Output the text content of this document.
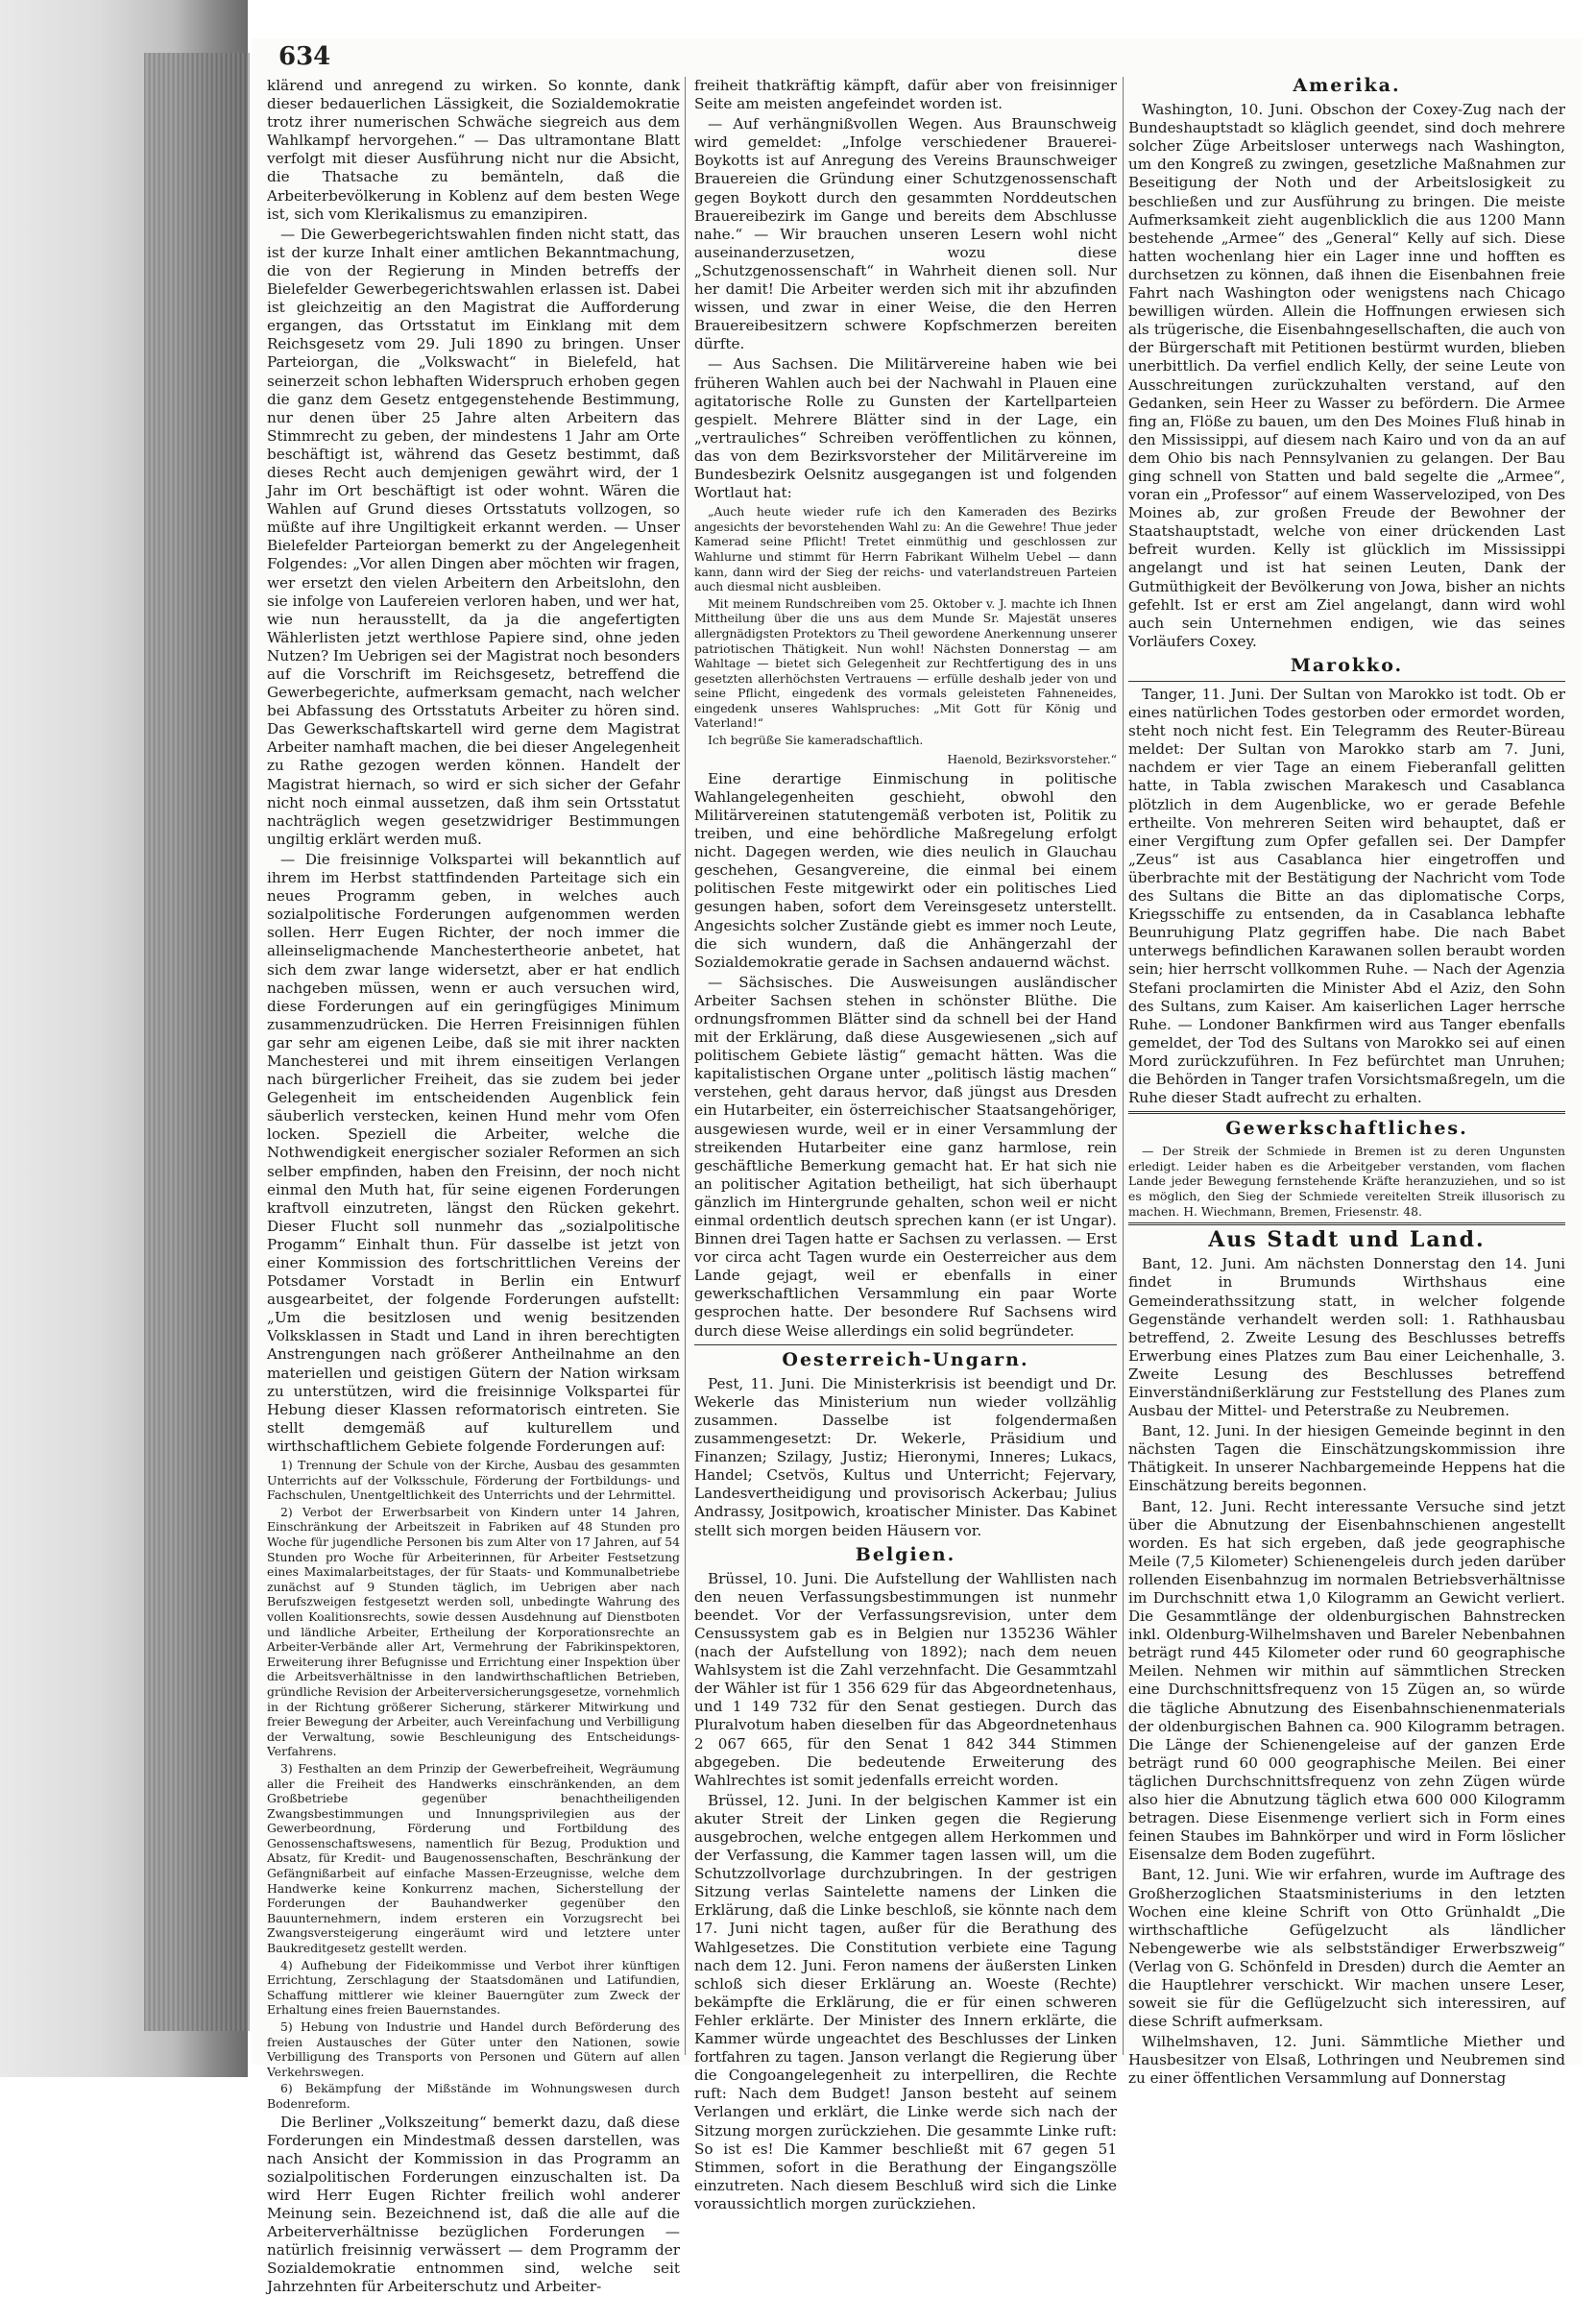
634

klärend und anregend zu wirken. So konnte, dank dieser bedauerlichen Lässigkeit, die Sozialdemokratie trotz ihrer numerischen Schwäche siegreich aus dem Wahlkampf hervorgehen.“ — Das ultramontane Blatt verfolgt mit dieser Ausführung nicht nur die Absicht, die Thatsache zu bemänteln, daß die Arbeiterbevölkerung in Koblenz auf dem besten Wege ist, sich vom Klerikalismus zu emanzipiren.

— Die Gewerbegerichtswahlen finden nicht statt, das ist der kurze Inhalt einer amtlichen Bekanntmachung, die von der Regierung in Minden betreffs der Bielefelder Gewerbegerichtswahlen erlassen ist. Dabei ist gleichzeitig an den Magistrat die Aufforderung ergangen, das Ortsstatut im Einklang mit dem Reichsgesetz vom 29. Juli 1890 zu bringen. Unser Parteiorgan, die „Volkswacht“ in Bielefeld, hat seinerzeit schon lebhaften Widerspruch erhoben gegen die ganz dem Gesetz entgegenstehende Bestimmung, nur denen über 25 Jahre alten Arbeitern das Stimmrecht zu geben, der mindestens 1 Jahr am Orte beschäftigt ist, während das Gesetz bestimmt, daß dieses Recht auch demjenigen gewährt wird, der 1 Jahr im Ort beschäftigt ist oder wohnt. Wären die Wahlen auf Grund dieses Ortsstatuts vollzogen, so müßte auf ihre Ungiltigkeit erkannt werden. — Unser Bielefelder Parteiorgan bemerkt zu der Angelegenheit Folgendes: „Vor allen Dingen aber möchten wir fragen, wer ersetzt den vielen Arbeitern den Arbeitslohn, den sie infolge von Laufereien verloren haben, und wer hat, wie nun herausstellt, da ja die angefertigten Wählerlisten jetzt werthlose Papiere sind, ohne jeden Nutzen? Im Uebrigen sei der Magistrat noch besonders auf die Vorschrift im Reichsgesetz, betreffend die Gewerbegerichte, aufmerksam gemacht, nach welcher bei Abfassung des Ortsstatuts Arbeiter zu hören sind. Das Gewerkschaftskartell wird gerne dem Magistrat Arbeiter namhaft machen, die bei dieser Angelegenheit zu Rathe gezogen werden können. Handelt der Magistrat hiernach, so wird er sich sicher der Gefahr nicht noch einmal aussetzen, daß ihm sein Ortsstatut nachträglich wegen gesetzwidriger Bestimmungen ungiltig erklärt werden muß.

— Die freisinnige Volkspartei will bekanntlich auf ihrem im Herbst stattfindenden Parteitage sich ein neues Programm geben, in welches auch sozialpolitische Forderungen aufgenommen werden sollen. Herr Eugen Richter, der noch immer die alleinseligmachende Manchestertheorie anbetet, hat sich dem zwar lange widersetzt, aber er hat endlich nachgeben müssen, wenn er auch versuchen wird, diese Forderungen auf ein geringfügiges Minimum zusammenzudrücken. Die Herren Freisinnigen fühlen gar sehr am eigenen Leibe, daß sie mit ihrer nackten Manchesterei und mit ihrem einseitigen Verlangen nach bürgerlicher Freiheit, das sie zudem bei jeder Gelegenheit im entscheidenden Augenblick fein säuberlich verstecken, keinen Hund mehr vom Ofen locken. Speziell die Arbeiter, welche die Nothwendigkeit energischer sozialer Reformen an sich selber empfinden, haben den Freisinn, der noch nicht einmal den Muth hat, für seine eigenen Forderungen kraftvoll einzutreten, längst den Rücken gekehrt. Dieser Flucht soll nunmehr das „sozialpolitische Progamm“ Einhalt thun. Für dasselbe ist jetzt von einer Kommission des fortschrittlichen Vereins der Potsdamer Vorstadt in Berlin ein Entwurf ausgearbeitet, der folgende Forderungen aufstellt: „Um die besitzlosen und wenig besitzenden Volksklassen in Stadt und Land in ihren berechtigten Anstrengungen nach größerer Antheilnahme an den materiellen und geistigen Gütern der Nation wirksam zu unterstützen, wird die freisinnige Volkspartei für Hebung dieser Klassen reformatorisch eintreten. Sie stellt demgemäß auf kulturellem und wirthschaftlichem Gebiete folgende Forderungen auf:

1) Trennung der Schule von der Kirche, Ausbau des gesammten Unterrichts auf der Volksschule, Förderung der Fortbildungs- und Fachschulen, Unentgeltlichkeit des Unterrichts und der Lehrmittel.

2) Verbot der Erwerbsarbeit von Kindern unter 14 Jahren, Einschränkung der Arbeitszeit in Fabriken auf 48 Stunden pro Woche für jugendliche Personen bis zum Alter von 17 Jahren, auf 54 Stunden pro Woche für Arbeiterinnen, für Arbeiter Festsetzung eines Maximalarbeitstages, der für Staats- und Kommunalbetriebe zunächst auf 9 Stunden täglich, im Uebrigen aber nach Berufszweigen festgesetzt werden soll, unbedingte Wahrung des vollen Koalitionsrechts, sowie dessen Ausdehnung auf Dienstboten und ländliche Arbeiter, Ertheilung der Korporationsrechte an Arbeiter-Verbände aller Art, Vermehrung der Fabrikinspektoren, Erweiterung ihrer Befugnisse und Errichtung einer Inspektion über die Arbeitsverhältnisse in den landwirthschaftlichen Betrieben, gründliche Revision der Arbeiterversicherungsgesetze, vornehmlich in der Richtung größerer Sicherung, stärkerer Mitwirkung und freier Bewegung der Arbeiter, auch Vereinfachung und Verbilligung der Verwaltung, sowie Beschleunigung des Entscheidungs-Verfahrens.

3) Festhalten an dem Prinzip der Gewerbefreiheit, Wegräumung aller die Freiheit des Handwerks einschränkenden, an dem Großbetriebe gegenüber benachtheiligenden Zwangsbestimmungen und Innungsprivilegien aus der Gewerbeordnung, Förderung und Fortbildung des Genossenschaftswesens, namentlich für Bezug, Produktion und Absatz, für Kredit- und Baugenossenschaften, Beschränkung der Gefängnißarbeit auf einfache Massen-Erzeugnisse, welche dem Handwerke keine Konkurrenz machen, Sicherstellung der Forderungen der Bauhandwerker gegenüber den Bauunternehmern, indem ersteren ein Vorzugsrecht bei Zwangsversteigerung eingeräumt wird und letztere unter Baukreditgesetz gestellt werden.

4) Aufhebung der Fideikommisse und Verbot ihrer künftigen Errichtung, Zerschlagung der Staatsdomänen und Latifundien, Schaffung mittlerer wie kleiner Bauerngüter zum Zweck der Erhaltung eines freien Bauernstandes.

5) Hebung von Industrie und Handel durch Beförderung des freien Austausches der Güter unter den Nationen, sowie Verbilligung des Transports von Personen und Gütern auf allen Verkehrswegen.

6) Bekämpfung der Mißstände im Wohnungswesen durch Bodenreform.

Die Berliner „Volkszeitung“ bemerkt dazu, daß diese Forderungen ein Mindestmaß dessen darstellen, was nach Ansicht der Kommission in das Programm an sozialpolitischen Forderungen einzuschalten ist. Da wird Herr Eugen Richter freilich wohl anderer Meinung sein. Bezeichnend ist, daß die alle auf die Arbeiterverhältnisse bezüglichen Forderungen — natürlich freisinnig verwässert — dem Programm der Sozialdemokratie entnommen sind, welche seit Jahrzehnten für Arbeiterschutz und Arbeiter-

freiheit thatkräftig kämpft, dafür aber von freisinniger Seite am meisten angefeindet worden ist.

— Auf verhängnißvollen Wegen. Aus Braunschweig wird gemeldet: „Infolge verschiedener Brauerei-Boykotts ist auf Anregung des Vereins Braunschweiger Brauereien die Gründung einer Schutzgenossenschaft gegen Boykott durch den gesammten Norddeutschen Brauereibezirk im Gange und bereits dem Abschlusse nahe.“ — Wir brauchen unseren Lesern wohl nicht auseinanderzusetzen, wozu diese „Schutzgenossenschaft“ in Wahrheit dienen soll. Nur her damit! Die Arbeiter werden sich mit ihr abzufinden wissen, und zwar in einer Weise, die den Herren Brauereibesitzern schwere Kopfschmerzen bereiten dürfte.

— Aus Sachsen. Die Militärvereine haben wie bei früheren Wahlen auch bei der Nachwahl in Plauen eine agitatorische Rolle zu Gunsten der Kartellparteien gespielt. Mehrere Blätter sind in der Lage, ein „vertrauliches“ Schreiben veröffentlichen zu können, das von dem Bezirksvorsteher der Militärvereine im Bundesbezirk Oelsnitz ausgegangen ist und folgenden Wortlaut hat:

„Auch heute wieder rufe ich den Kameraden des Bezirks angesichts der bevorstehenden Wahl zu: An die Gewehre! Thue jeder Kamerad seine Pflicht! Tretet einmüthig und geschlossen zur Wahlurne und stimmt für Herrn Fabrikant Wilhelm Uebel — dann kann, dann wird der Sieg der reichs- und vaterlandstreuen Parteien auch diesmal nicht ausbleiben.

Mit meinem Rundschreiben vom 25. Oktober v. J. machte ich Ihnen Mittheilung über die uns aus dem Munde Sr. Majestät unseres allergnädigsten Protektors zu Theil gewordene Anerkennung unserer patriotischen Thätigkeit. Nun wohl! Nächsten Donnerstag — am Wahltage — bietet sich Gelegenheit zur Rechtfertigung des in uns gesetzten allerhöchsten Vertrauens — erfülle deshalb jeder von und seine Pflicht, eingedenk des vormals geleisteten Fahneneides, eingedenk unseres Wahlspruches: „Mit Gott für König und Vaterland!“

Ich begrüße Sie kameradschaftlich.

Haenold, Bezirksvorsteher.“

Eine derartige Einmischung in politische Wahlangelegenheiten geschieht, obwohl den Militärvereinen statutengemäß verboten ist, Politik zu treiben, und eine behördliche Maßregelung erfolgt nicht. Dagegen werden, wie dies neulich in Glauchau geschehen, Gesangvereine, die einmal bei einem politischen Feste mitgewirkt oder ein politisches Lied gesungen haben, sofort dem Vereinsgesetz unterstellt. Angesichts solcher Zustände giebt es immer noch Leute, die sich wundern, daß die Anhängerzahl der Sozialdemokratie gerade in Sachsen andauernd wächst.

— Sächsisches. Die Ausweisungen ausländischer Arbeiter Sachsen stehen in schönster Blüthe. Die ordnungsfrommen Blätter sind da schnell bei der Hand mit der Erklärung, daß diese Ausgewiesenen „sich auf politischem Gebiete lästig“ gemacht hätten. Was die kapitalistischen Organe unter „politisch lästig machen“ verstehen, geht daraus hervor, daß jüngst aus Dresden ein Hutarbeiter, ein österreichischer Staatsangehöriger, ausgewiesen wurde, weil er in einer Versammlung der streikenden Hutarbeiter eine ganz harmlose, rein geschäftliche Bemerkung gemacht hat. Er hat sich nie an politischer Agitation betheiligt, hat sich überhaupt gänzlich im Hintergrunde gehalten, schon weil er nicht einmal ordentlich deutsch sprechen kann (er ist Ungar). Binnen drei Tagen hatte er Sachsen zu verlassen. — Erst vor circa acht Tagen wurde ein Oesterreicher aus dem Lande gejagt, weil er ebenfalls in einer gewerkschaftlichen Versammlung ein paar Worte gesprochen hatte. Der besondere Ruf Sachsens wird durch diese Weise allerdings ein solid begründeter.

Oesterreich-Ungarn.

Pest, 11. Juni. Die Ministerkrisis ist beendigt und Dr. Wekerle das Ministerium nun wieder vollzählig zusammen. Dasselbe ist folgendermaßen zusammengesetzt: Dr. Wekerle, Präsidium und Finanzen; Szilagy, Justiz; Hieronymi, Inneres; Lukacs, Handel; Csetvös, Kultus und Unterricht; Fejervary, Landesvertheidigung und provisorisch Ackerbau; Julius Andrassy, Jositpowich, kroatischer Minister. Das Kabinet stellt sich morgen beiden Häusern vor.

Belgien.

Brüssel, 10. Juni. Die Aufstellung der Wahllisten nach den neuen Verfassungsbestimmungen ist nunmehr beendet. Vor der Verfassungsrevision, unter dem Censussystem gab es in Belgien nur 135236 Wähler (nach der Aufstellung von 1892); nach dem neuen Wahlsystem ist die Zahl verzehnfacht. Die Gesammtzahl der Wähler ist für 1 356 629 für das Abgeordnetenhaus, und 1 149 732 für den Senat gestiegen. Durch das Pluralvotum haben dieselben für das Abgeordnetenhaus 2 067 665, für den Senat 1 842 344 Stimmen abgegeben. Die bedeutende Erweiterung des Wahlrechtes ist somit jedenfalls erreicht worden.

Brüssel, 12. Juni. In der belgischen Kammer ist ein akuter Streit der Linken gegen die Regierung ausgebrochen, welche entgegen allem Herkommen und der Verfassung, die Kammer tagen lassen will, um die Schutzzollvorlage durchzubringen. In der gestrigen Sitzung verlas Saintelette namens der Linken die Erklärung, daß die Linke beschloß, sie könnte nach dem 17. Juni nicht tagen, außer für die Berathung des Wahlgesetzes. Die Constitution verbiete eine Tagung nach dem 12. Juni. Feron namens der äußersten Linken schloß sich dieser Erklärung an. Woeste (Rechte) bekämpfte die Erklärung, die er für einen schweren Fehler erklärte. Der Minister des Innern erklärte, die Kammer würde ungeachtet des Beschlusses der Linken fortfahren zu tagen. Janson verlangt die Regierung über die Congoangelegenheit zu interpelliren, die Rechte ruft: Nach dem Budget! Janson besteht auf seinem Verlangen und erklärt, die Linke werde sich nach der Sitzung morgen zurückziehen. Die gesammte Linke ruft: So ist es! Die Kammer beschließt mit 67 gegen 51 Stimmen, sofort in die Berathung der Eingangszölle einzutreten. Nach diesem Beschluß wird sich die Linke voraussichtlich morgen zurückziehen.

Amerika.

Washington, 10. Juni. Obschon der Coxey-Zug nach der Bundeshauptstadt so kläglich geendet, sind doch mehrere solcher Züge Arbeitsloser unterwegs nach Washington, um den Kongreß zu zwingen, gesetzliche Maßnahmen zur Beseitigung der Noth und der Arbeitslosigkeit zu beschließen und zur Ausführung zu bringen. Die meiste Aufmerksamkeit zieht augenblicklich die aus 1200 Mann bestehende „Armee“ des „General“ Kelly auf sich. Diese hatten wochenlang hier ein Lager inne und hofften es durchsetzen zu können, daß ihnen die Eisenbahnen freie Fahrt nach Washington oder wenigstens nach Chicago bewilligen würden. Allein die Hoffnungen erwiesen sich als trügerische, die Eisenbahngesellschaften, die auch von der Bürgerschaft mit Petitionen bestürmt wurden, blieben unerbittlich. Da verfiel endlich Kelly, der seine Leute von Ausschreitungen zurückzuhalten verstand, auf den Gedanken, sein Heer zu Wasser zu befördern. Die Armee fing an, Flöße zu bauen, um den Des Moines Fluß hinab in den Mississippi, auf diesem nach Kairo und von da an auf dem Ohio bis nach Pennsylvanien zu gelangen. Der Bau ging schnell von Statten und bald segelte die „Armee“, voran ein „Professor“ auf einem Wasserveloziped, von Des Moines ab, zur großen Freude der Bewohner der Staatshauptstadt, welche von einer drückenden Last befreit wurden. Kelly ist glücklich im Mississippi angelangt und ist hat seinen Leuten, Dank der Gutmüthigkeit der Bevölkerung von Jowa, bisher an nichts gefehlt. Ist er erst am Ziel angelangt, dann wird wohl auch sein Unternehmen endigen, wie das seines Vorläufers Coxey.

Marokko.

Tanger, 11. Juni. Der Sultan von Marokko ist todt. Ob er eines natürlichen Todes gestorben oder ermordet worden, steht noch nicht fest. Ein Telegramm des Reuter-Büreau meldet: Der Sultan von Marokko starb am 7. Juni, nachdem er vier Tage an einem Fieberanfall gelitten hatte, in Tabla zwischen Marakesch und Casablanca plötzlich in dem Augenblicke, wo er gerade Befehle ertheilte. Von mehreren Seiten wird behauptet, daß er einer Vergiftung zum Opfer gefallen sei. Der Dampfer „Zeus“ ist aus Casablanca hier eingetroffen und überbrachte mit der Bestätigung der Nachricht vom Tode des Sultans die Bitte an das diplomatische Corps, Kriegsschiffe zu entsenden, da in Casablanca lebhafte Beunruhigung Platz gegriffen habe. Die nach Babet unterwegs befindlichen Karawanen sollen beraubt worden sein; hier herrscht vollkommen Ruhe. — Nach der Agenzia Stefani proclamirten die Minister Abd el Aziz, den Sohn des Sultans, zum Kaiser. Am kaiserlichen Lager herrsche Ruhe. — Londoner Bankfirmen wird aus Tanger ebenfalls gemeldet, der Tod des Sultans von Marokko sei auf einen Mord zurückzuführen. In Fez befürchtet man Unruhen; die Behörden in Tanger trafen Vorsichtsmaßregeln, um die Ruhe dieser Stadt aufrecht zu erhalten.

Gewerkschaftliches.

— Der Streik der Schmiede in Bremen ist zu deren Ungunsten erledigt. Leider haben es die Arbeitgeber verstanden, vom flachen Lande jeder Bewegung fernstehende Kräfte heranzuziehen, und so ist es möglich, den Sieg der Schmiede vereitelten Streik illusorisch zu machen. H. Wiechmann, Bremen, Friesenstr. 48.

Aus Stadt und Land.

Bant, 12. Juni. Am nächsten Donnerstag den 14. Juni findet in Brumunds Wirthshaus eine Gemeinderathssitzung statt, in welcher folgende Gegenstände verhandelt werden soll: 1. Rathhausbau betreffend, 2. Zweite Lesung des Beschlusses betreffs Erwerbung eines Platzes zum Bau einer Leichenhalle, 3. Zweite Lesung des Beschlusses betreffend Einverständnißerklärung zur Feststellung des Planes zum Ausbau der Mittel- und Peterstraße zu Neubremen.

Bant, 12. Juni. In der hiesigen Gemeinde beginnt in den nächsten Tagen die Einschätzungskommission ihre Thätigkeit. In unserer Nachbargemeinde Heppens hat die Einschätzung bereits begonnen.

Bant, 12. Juni. Recht interessante Versuche sind jetzt über die Abnutzung der Eisenbahnschienen angestellt worden. Es hat sich ergeben, daß jede geographische Meile (7,5 Kilometer) Schienengeleis durch jeden darüber rollenden Eisenbahnzug im normalen Betriebsverhältnisse im Durchschnitt etwa 1,0 Kilogramm an Gewicht verliert. Die Gesammtlänge der oldenburgischen Bahnstrecken inkl. Oldenburg-Wilhelmshaven und Bareler Nebenbahnen beträgt rund 445 Kilometer oder rund 60 geographische Meilen. Nehmen wir mithin auf sämmtlichen Strecken eine Durchschnittsfrequenz von 15 Zügen an, so würde die tägliche Abnutzung des Eisenbahnschienenmaterials der oldenburgischen Bahnen ca. 900 Kilogramm betragen. Die Länge der Schienengeleise auf der ganzen Erde beträgt rund 60 000 geographische Meilen. Bei einer täglichen Durchschnittsfrequenz von zehn Zügen würde also hier die Abnutzung täglich etwa 600 000 Kilogramm betragen. Diese Eisenmenge verliert sich in Form eines feinen Staubes im Bahnkörper und wird in Form löslicher Eisensalze dem Boden zugeführt.

Bant, 12. Juni. Wie wir erfahren, wurde im Auftrage des Großherzoglichen Staatsministeriums in den letzten Wochen eine kleine Schrift von Otto Grünhaldt „Die wirthschaftliche Gefügelzucht als ländlicher Nebengewerbe wie als selbstständiger Erwerbszweig“ (Verlag von G. Schönfeld in Dresden) durch die Aemter an die Hauptlehrer verschickt. Wir machen unsere Leser, soweit sie für die Geflügelzucht sich interessiren, auf diese Schrift aufmerksam.

Wilhelmshaven, 12. Juni. Sämmtliche Miether und Hausbesitzer von Elsaß, Lothringen und Neubremen sind zu einer öffentlichen Versammlung auf Donnerstag
